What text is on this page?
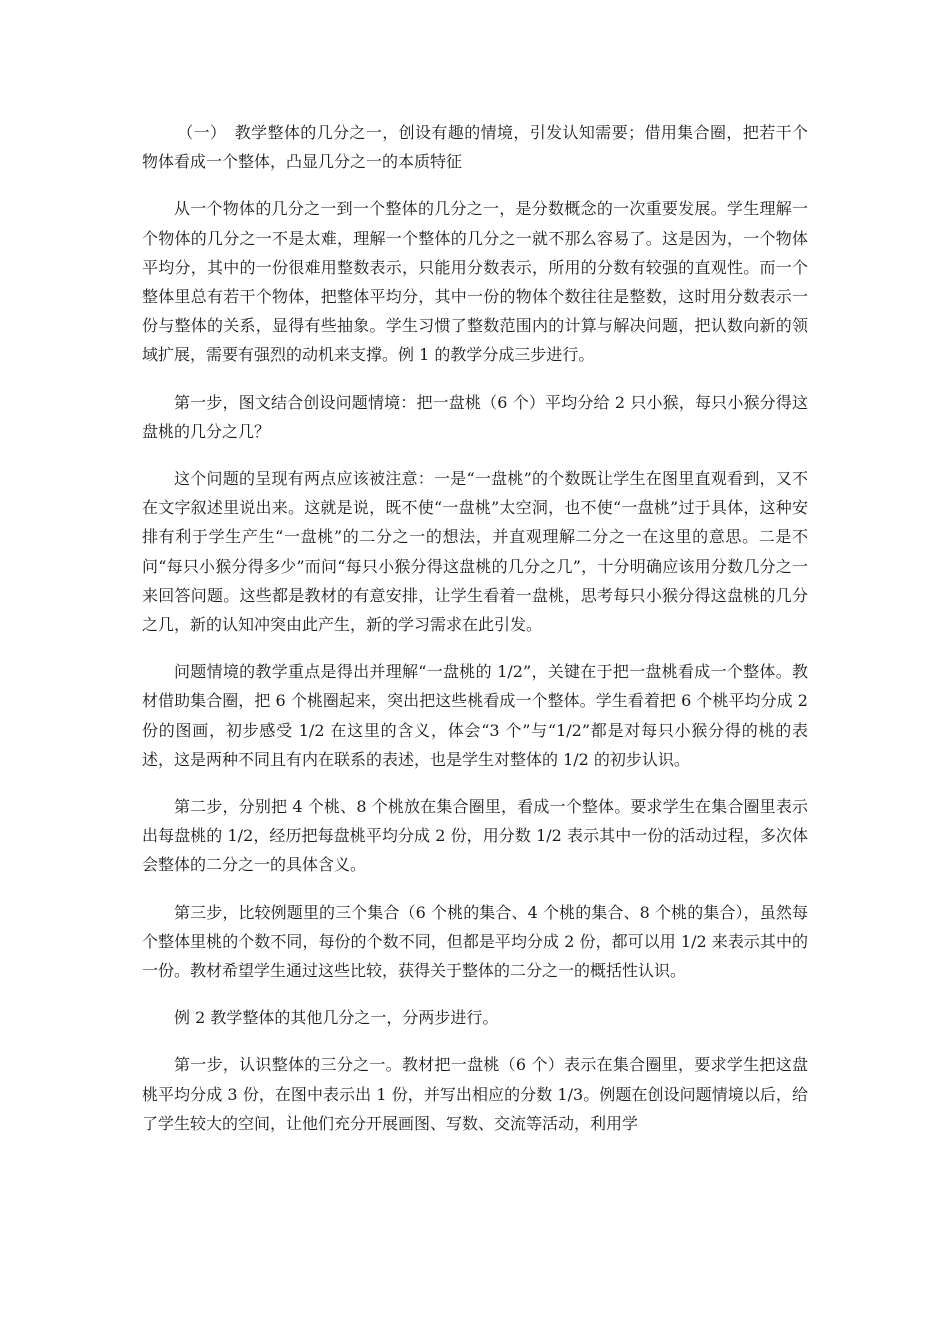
（一）　教学整体的几分之一，创设有趣的情境，引发认知需要；借用集合圈，把若干个物体看成一个整体，凸显几分之一的本质特征

从一个物体的几分之一到一个整体的几分之一，是分数概念的一次重要发展。学生理解一个物体的几分之一不是太难，理解一个整体的几分之一就不那么容易了。这是因为，一个物体平均分，其中的一份很难用整数表示，只能用分数表示，所用的分数有较强的直观性。而一个整体里总有若干个物体，把整体平均分，其中一份的物体个数往往是整数，这时用分数表示一份与整体的关系，显得有些抽象。学生习惯了整数范围内的计算与解决问题，把认数向新的领域扩展，需要有强烈的动机来支撑。例 1 的教学分成三步进行。

第一步，图文结合创设问题情境：把一盘桃（6 个）平均分给 2 只小猴，每只小猴分得这盘桃的几分之几？

这个问题的呈现有两点应该被注意：一是“一盘桃”的个数既让学生在图里直观看到，又不在文字叙述里说出来。这就是说，既不使“一盘桃”太空洞，也不使“一盘桃”过于具体，这种安排有利于学生产生“一盘桃”的二分之一的想法，并直观理解二分之一在这里的意思。二是不问“每只小猴分得多少”而问“每只小猴分得这盘桃的几分之几”，十分明确应该用分数几分之一来回答问题。这些都是教材的有意安排，让学生看着一盘桃，思考每只小猴分得这盘桃的几分之几，新的认知冲突由此产生，新的学习需求在此引发。

问题情境的教学重点是得出并理解“一盘桃的 1/2”，关键在于把一盘桃看成一个整体。教材借助集合圈，把 6 个桃圈起来，突出把这些桃看成一个整体。学生看着把 6 个桃平均分成 2 份的图画，初步感受 1/2 在这里的含义，体会“3 个”与“1/2”都是对每只小猴分得的桃的表述，这是两种不同且有内在联系的表述，也是学生对整体的 1/2 的初步认识。

第二步，分别把 4 个桃、8 个桃放在集合圈里，看成一个整体。要求学生在集合圈里表示出每盘桃的 1/2，经历把每盘桃平均分成 2 份，用分数 1/2 表示其中一份的活动过程，多次体会整体的二分之一的具体含义。

第三步，比较例题里的三个集合（6 个桃的集合、4 个桃的集合、8 个桃的集合），虽然每个整体里桃的个数不同，每份的个数不同，但都是平均分成 2 份，都可以用 1/2 来表示其中的一份。教材希望学生通过这些比较，获得关于整体的二分之一的概括性认识。

例 2 教学整体的其他几分之一，分两步进行。

第一步，认识整体的三分之一。教材把一盘桃（6 个）表示在集合圈里，要求学生把这盘桃平均分成 3 份，在图中表示出 1 份，并写出相应的分数 1/3。例题在创设问题情境以后，给了学生较大的空间，让他们充分开展画图、写数、交流等活动，利用学
